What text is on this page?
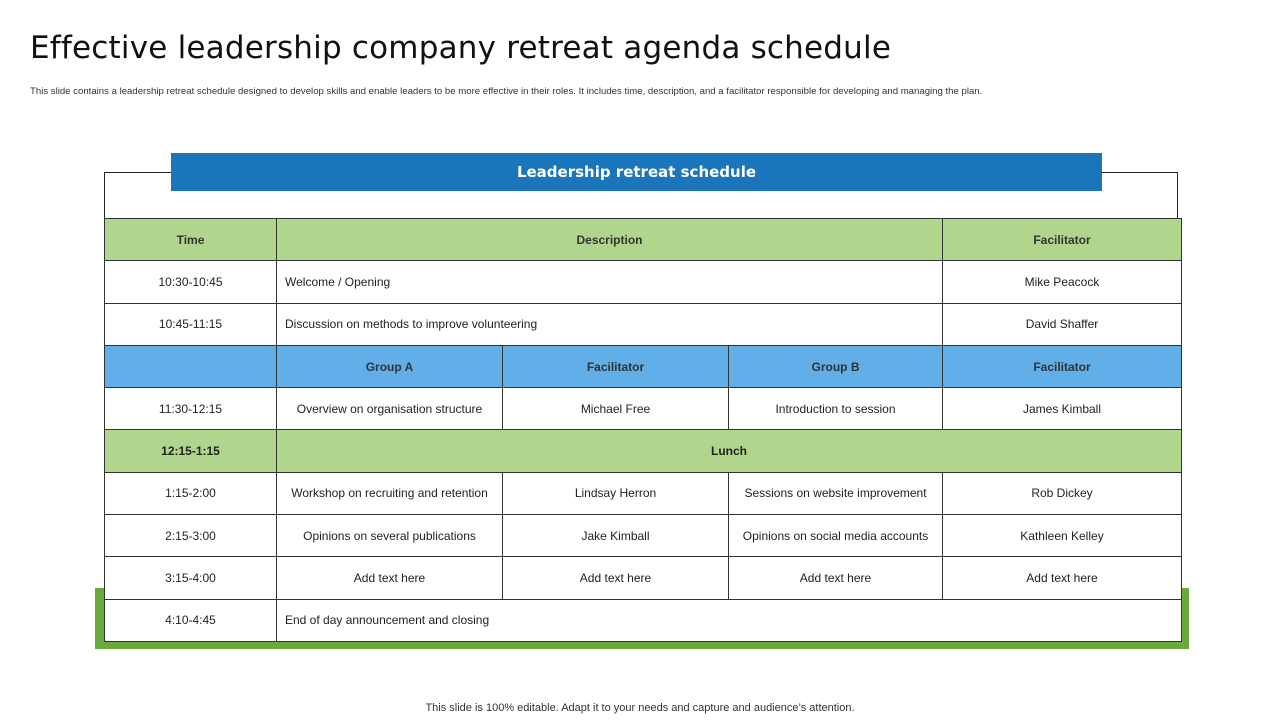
Effective leadership company retreat agenda schedule
This slide contains a leadership retreat schedule designed to develop skills and enable leaders to be more effective in their roles. It includes time, description, and a facilitator responsible for developing and managing the plan.
Time	Description			Facilitator
10:30-10:45	Welcome / Opening			Mike Peacock
10:45-11:15	Discussion on methods to improve volunteering			David Shaffer
	Group A	Facilitator	Group B	Facilitator
11:30-12:15	Overview on organisation structure	Michael Free	Introduction to session	James Kimball
12:15-1:15	Lunch			
1:15-2:00	Workshop on recruiting and retention	Lindsay Herron	Sessions on website improvement	Rob Dickey
2:15-3:00	Opinions on several publications	Jake Kimball	Opinions on social media accounts	Kathleen Kelley
3:15-4:00	Add text here	Add text here	Add text here	Add text here
4:10-4:45	End of day announcement and closing			
Leadership retreat schedule
This slide is 100% editable. Adapt it to your needs and capture and audience’s attention.
